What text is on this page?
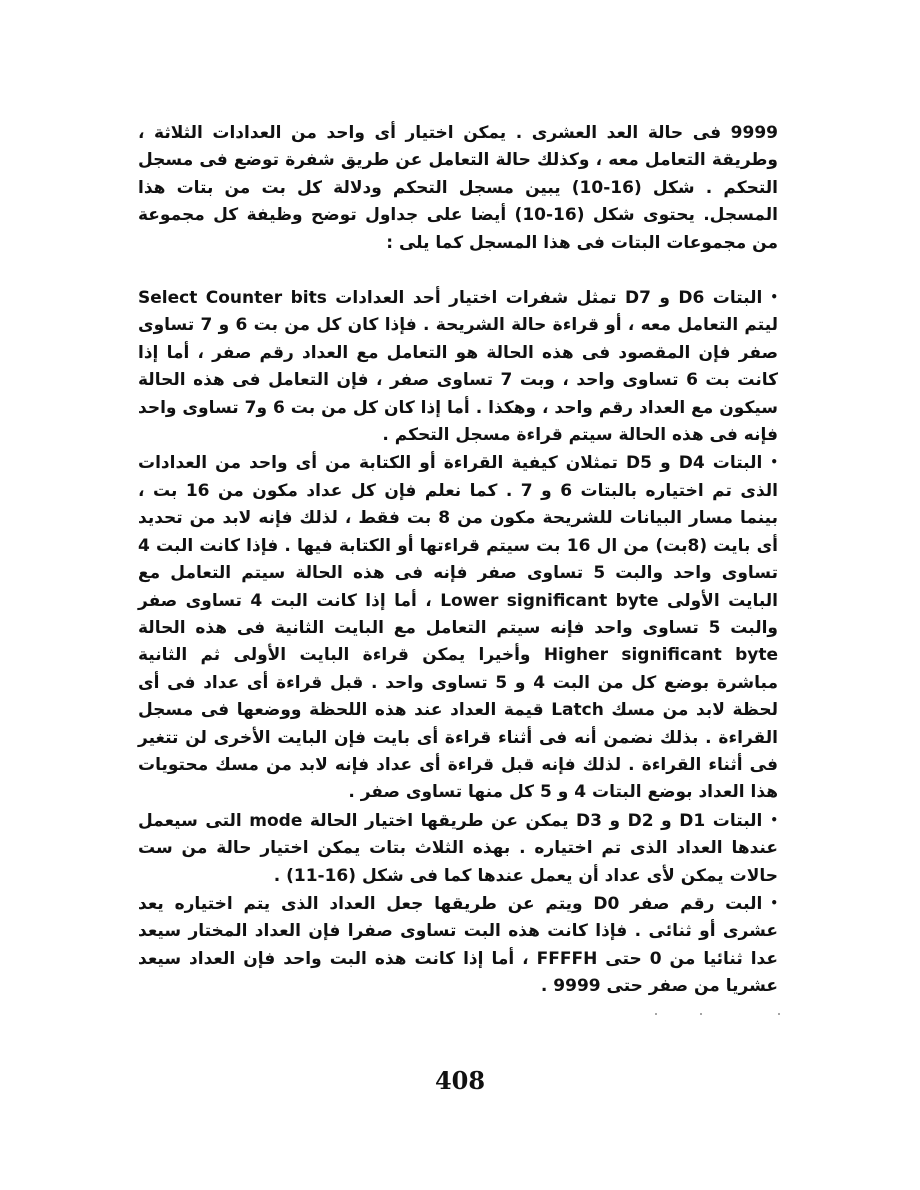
9999 فى حالة العد العشرى . يمكن اختيار أى واحد من العدادات الثلاثة ، وطريقة التعامل معه ، وكذلك حالة التعامل عن طريق شفرة توضع فى مسجل التحكم . شكل (16-10) يبين مسجل التحكم ودلالة كل بت من بتات هذا المسجل. يحتوى شكل (16-10) أيضا على جداول توضح وظيفة كل مجموعة من مجموعات البتات فى هذا المسجل كما يلى :

•البتات D6 و D7 تمثل شفرات اختيار أحد العدادات Select Counter bits ليتم التعامل معه ، أو قراءة حالة الشريحة . فإذا كان كل من بت 6 و 7 تساوى صفر فإن المقصود فى هذه الحالة هو التعامل مع العداد رقم صفر ، أما إذا كانت بت 6 تساوى واحد ، وبت 7 تساوى صفر ، فإن التعامل فى هذه الحالة سيكون مع العداد رقم واحد ، وهكذا . أما إذا كان كل من بت 6 و7 تساوى واحد فإنه فى هذه الحالة سيتم قراءة مسجل التحكم .
•البتات D4 و D5 تمثلان كيفية القراءة أو الكتابة من أى واحد من العدادات الذى تم اختياره بالبتات 6 و 7 . كما نعلم فإن كل عداد مكون من 16 بت ، بينما مسار البيانات للشريحة مكون من 8 بت فقط ، لذلك فإنه لابد من تحديد أى بايت (8بت) من ال 16 بت سيتم قراءتها أو الكتابة فيها . فإذا كانت البت 4 تساوى واحد والبت 5 تساوى صفر فإنه فى هذه الحالة سيتم التعامل مع البايت الأولى Lower significant byte ، أما إذا كانت البت 4 تساوى صفر والبت 5 تساوى واحد فإنه سيتم التعامل مع البايت الثانية فى هذه الحالة Higher significant byte وأخيرا يمكن قراءة البايت الأولى ثم الثانية مباشرة بوضع كل من البت 4 و 5 تساوى واحد . قبل قراءة أى عداد فى أى لحظة لابد من مسك Latch قيمة العداد عند هذه اللحظة ووضعها فى مسجل القراءة . بذلك نضمن أنه فى أثناء قراءة أى بايت فإن البايت الأخرى لن تتغير فى أثناء القراءة . لذلك فإنه قبل قراءة أى عداد فإنه لابد من مسك محتويات هذا العداد بوضع البتات 4 و 5 كل منها تساوى صفر .
•البتات D1 و D2 و D3 يمكن عن طريقها اختيار الحالة mode التى سيعمل عندها العداد الذى تم اختياره . بهذه الثلاث بتات يمكن اختيار حالة من ست حالات يمكن لأى عداد أن يعمل عندها كما فى شكل (16-11) .
•البت رقم صفر D0 ويتم عن طريقها جعل العداد الذى يتم اختياره يعد عشرى أو ثنائى . فإذا كانت هذه البت تساوى صفرا فإن العداد المختار سيعد عدا ثنائيا من 0 حتى FFFFH ، أما إذا كانت هذه البت واحد فإن العداد سيعد عشريا من صفر حتى 9999 .
408
